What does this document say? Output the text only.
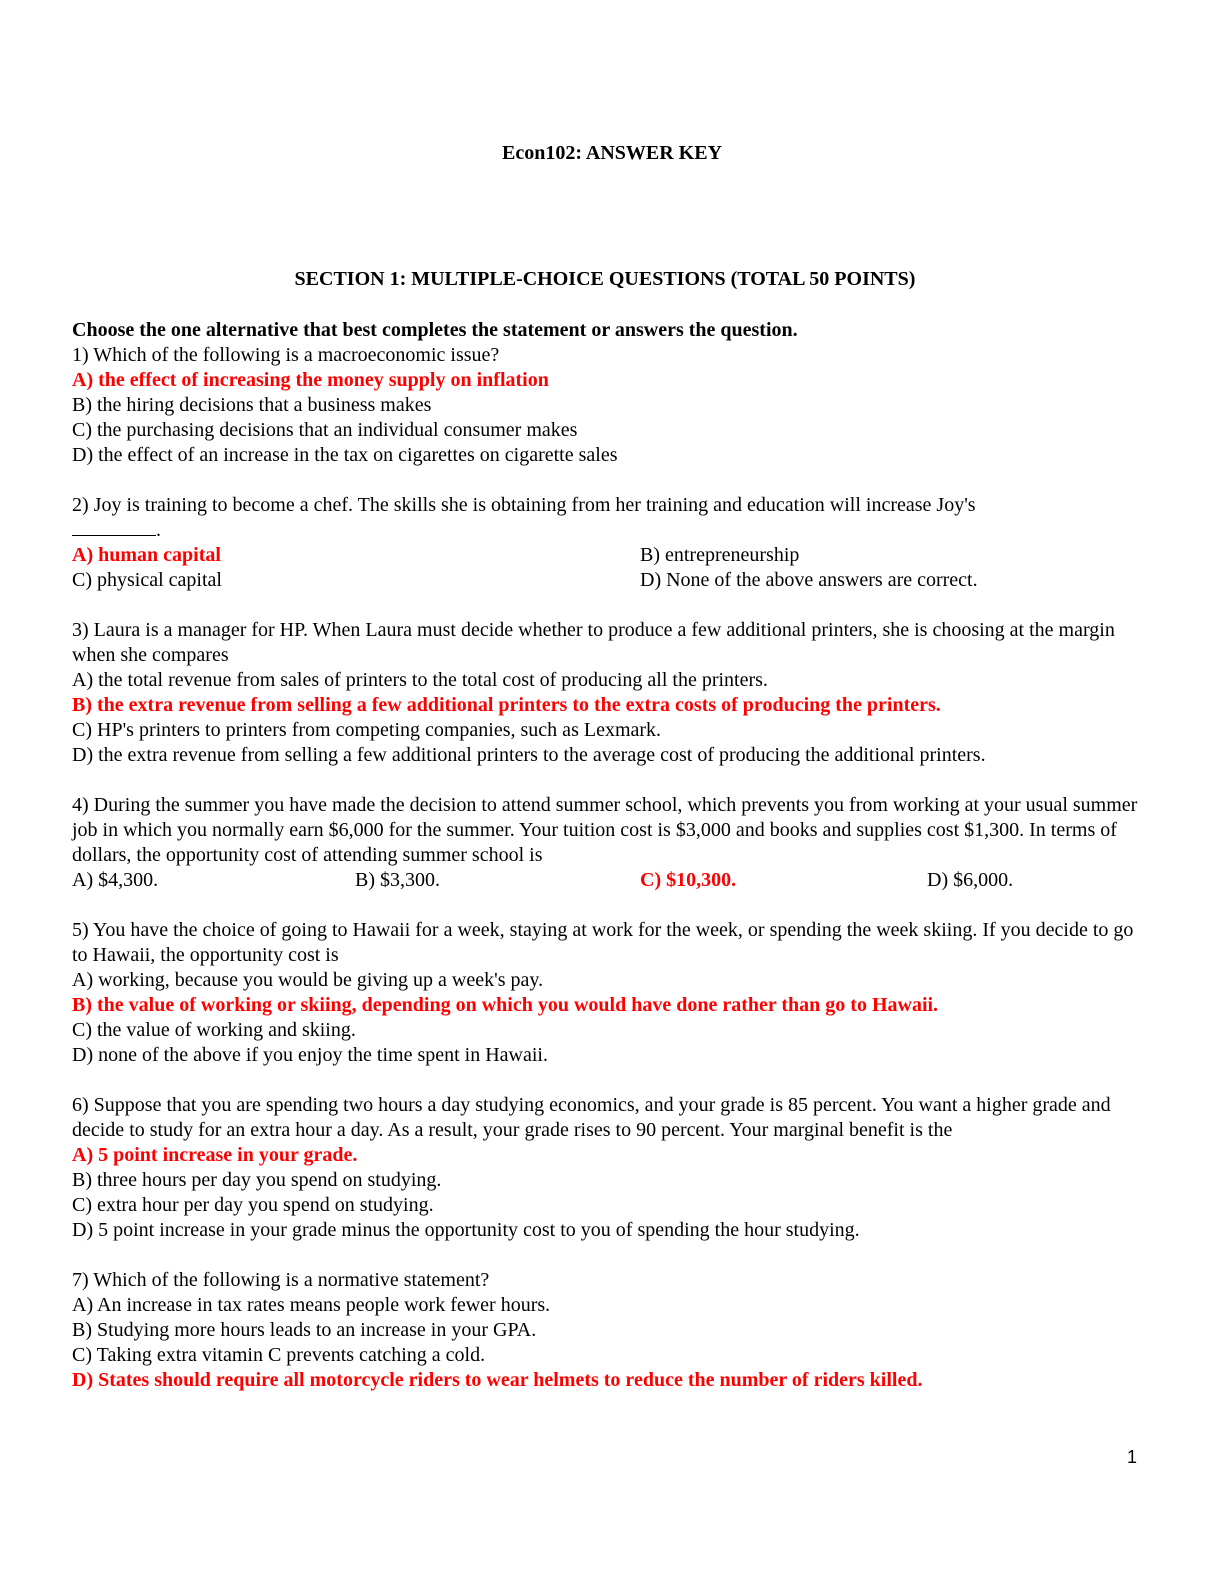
Econ102: ANSWER KEY
SECTION 1: MULTIPLE-CHOICE QUESTIONS (TOTAL 50 POINTS)

Choose the one alternative that best completes the statement or answers the question.

1) Which of the following is a macroeconomic issue?

A) the effect of increasing the money supply on inflation

B) the hiring decisions that a business makes

C) the purchasing decisions that an individual consumer makes

D) the effect of an increase in the tax on cigarettes on cigarette sales

2) Joy is training to become a chef. The skills she is obtaining from her training and education will increase Joy's

.

A) human capital	B) entrepreneurship
C) physical capital	D) None of the above answers are correct.

3) Laura is a manager for HP. When Laura must decide whether to produce a few additional printers, she is choosing at the margin when she compares

A) the total revenue from sales of printers to the total cost of producing all the printers.

B) the extra revenue from selling a few additional printers to the extra costs of producing the printers.

C) HP's printers to printers from competing companies, such as Lexmark.

D) the extra revenue from selling a few additional printers to the average cost of producing the additional printers.

4) During the summer you have made the decision to attend summer school, which prevents you from working at your usual summer job in which you normally earn $6,000 for the summer. Your tuition cost is $3,000 and books and supplies cost $1,300. In terms of dollars, the opportunity cost of attending summer school is

A) $4,300.	B) $3,300.	C) $10,300.	D) $6,000.

5) You have the choice of going to Hawaii for a week, staying at work for the week, or spending the week skiing. If you decide to go to Hawaii, the opportunity cost is

A) working, because you would be giving up a week's pay.

B) the value of working or skiing, depending on which you would have done rather than go to Hawaii.

C) the value of working and skiing.

D) none of the above if you enjoy the time spent in Hawaii.

6) Suppose that you are spending two hours a day studying economics, and your grade is 85 percent. You want a higher grade and decide to study for an extra hour a day. As a result, your grade rises to 90 percent. Your marginal benefit is the

A) 5 point increase in your grade.

B) three hours per day you spend on studying.

C) extra hour per day you spend on studying.

D) 5 point increase in your grade minus the opportunity cost to you of spending the hour studying.

7) Which of the following is a normative statement?

A) An increase in tax rates means people work fewer hours.

B) Studying more hours leads to an increase in your GPA.

C) Taking extra vitamin C prevents catching a cold.

D) States should require all motorcycle riders to wear helmets to reduce the number of riders killed.

1
